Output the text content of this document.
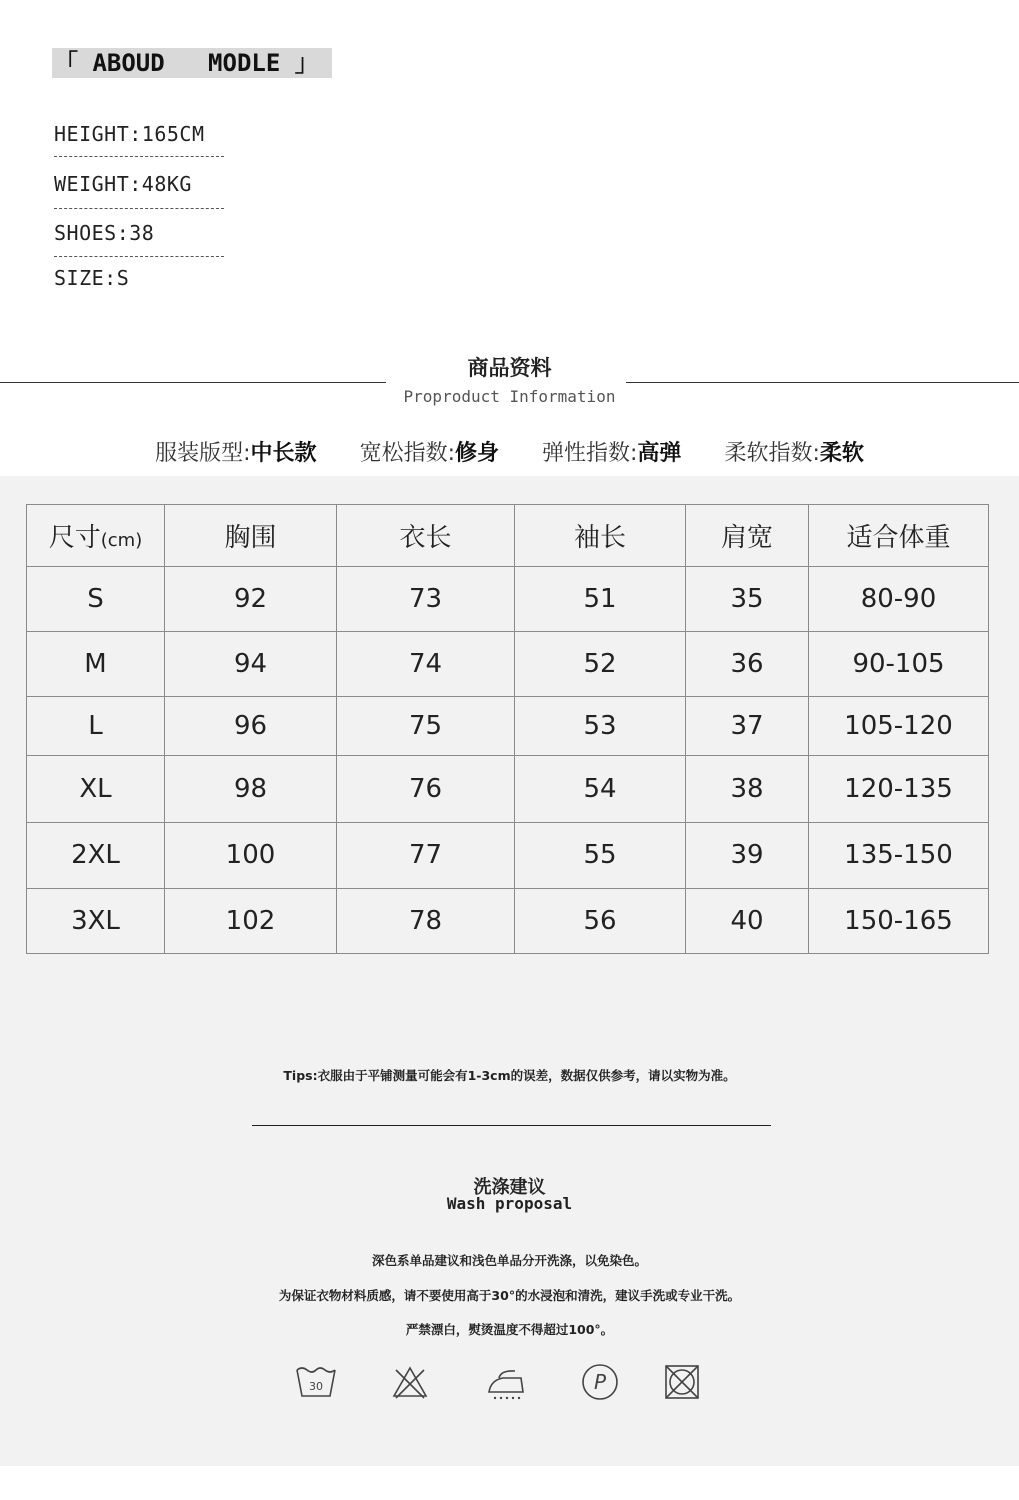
「 ABOUD   MODLE 」
HEIGHT:165CM
WEIGHT:48KG
SHOES:38
SIZE:S
商品资料
Proproduct Information
服装版型:中长款 宽松指数:修身 弹性指数:高弹 柔软指数:柔软
尺寸(cm)	胸围	衣长	袖长	肩宽	适合体重
S	92	73	51	35	80-90
M	94	74	52	36	90-105
L	96	75	53	37	105-120
XL	98	76	54	38	120-135
2XL	100	77	55	39	135-150
3XL	102	78	56	40	150-165
Tips:衣服由于平铺测量可能会有1-3cm的误差，数据仅供参考，请以实物为准。
洗涤建议
Wash proposal
深色系单品建议和浅色单品分开洗涤，以免染色。
为保证衣物材料质感，请不要使用高于30°的水浸泡和清洗，建议手洗或专业干洗。
严禁漂白，熨烫温度不得超过100°。
30	P
